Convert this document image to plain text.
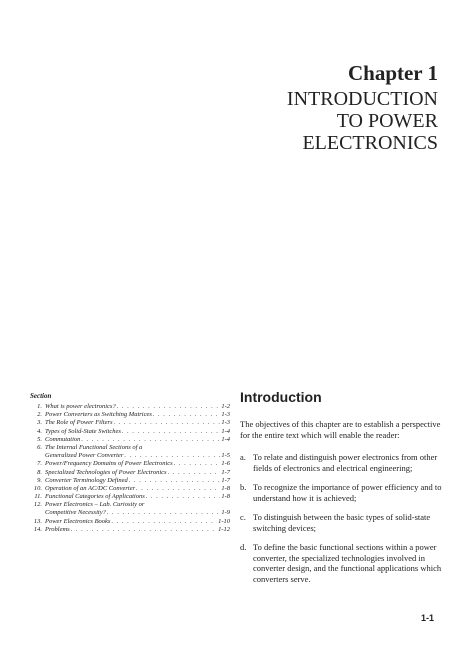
Chapter 1
INTRODUCTION
TO POWER
ELECTRONICS
Section
1. What is power electronics? . . .	1-2
2. Power Converters as Switching Matrices . . .	1-3
3. The Role of Power Filters . . .	1-3
4. Types of Solid-State Switches . . .	1-4
5. Commutation . . .	1-4
6. The Internal Functional Sections of a
Generalized Power Converter . . .	1-5
7. Power/Frequency Domains of Power Electronics . . .	1-6
8. Specialized Technologies of Power Electronics . . .	1-7
9. Converter Terminology Defined . . .	1-7
10. Operation of an AC/DC Converter . . .	1-8
11. Functional Categories of Applications . . .	1-8
12. Power Electronics – Lab. Curiosity or
Competitive Necessity? . . .	1-9
13. Power Electronics Books . . .	1-10
14. Problems . . .	1-12
Introduction
The objectives of this chapter are to establish a perspective for the entire text which will enable the reader:
a. To relate and distinguish power electronics from other fields of electronics and electrical engineering;
b. To recognize the importance of power efficiency and to understand how it is achieved;
c. To distinguish between the basic types of solid-state switching devices;
d. To define the basic functional sections within a power converter, the specialized technologies involved in converter design, and the functional applications which converters serve.
1-1
